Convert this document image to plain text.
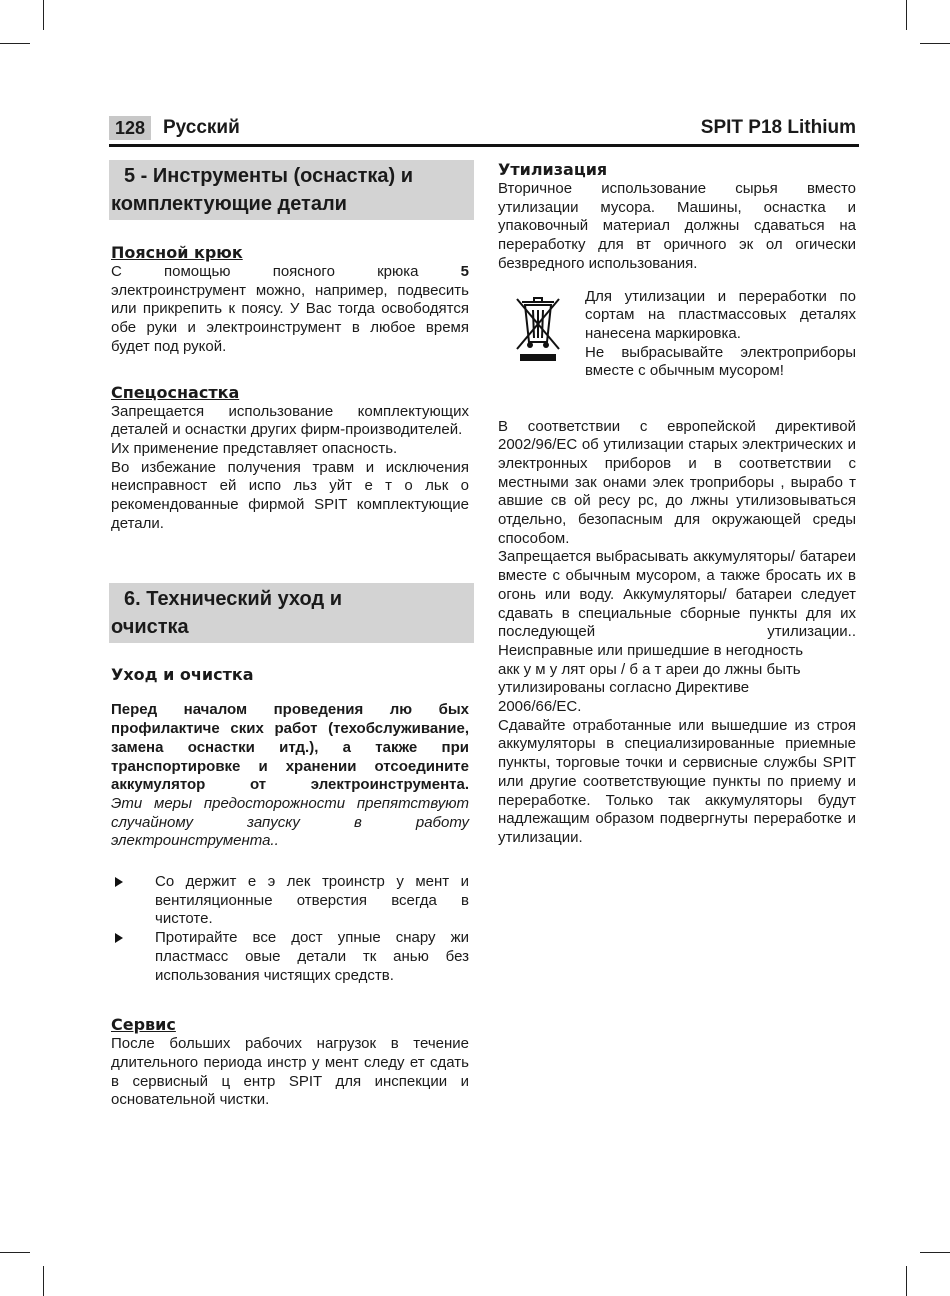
128 Русский	SPIT P18 Lithium
5 - Инструменты (оснастка) и
комплектующие детали
Поясной крюк

С помощью поясного крюка 5

электроинструмент можно, например, подвесить или прикрепить к поясу. У Вас тогда освободятся обе руки и электроинструмент в любое время будет под рукой.

Спецоснастка

Запрещается использование комплектующих деталей и оснастки других фирм-производителей.

Их применение представляет опасность.

Во избежание получения травм и исключения неисправност ей испо льз уйт е т о льк о рекомендованные фирмой SPIT комплектующие детали.

6. Технический уход и
очистка
Уход и очистка

Перед началом проведения лю бых профилактиче ских работ (техобслуживание, замена оснастки итд.), а также при транспортировке и хранении отсоедините аккумулятор от электроинструмента.

Эти меры предосторожности препятствуют случайному запуску в работу электроинструмента..

Со держит е э лек троинстр у мент и вентиляционные отверстия всегда в чистоте.
Протирайте все дост упные снару жи пластмасс овые детали тк анью без использования чистящих средств.
Сервис

После больших рабочих нагрузок в течение длительного периода инстр у мент следу ет сдать в сервисный ц ентр SPIT для инспекции и основательной чистки.

Утилизация

Вторичное использование сырья вместо утилизации мусора. Машины, оснастка и упаковочный материал должны сдаваться на переработку для вт оричного эк ол огически безвредного использования.

Для утилизации и переработки по сортам на пластмассовых деталях нанесена маркировка.

Не выбрасывайте электроприборы вместе с обычным мусором!

В соответствии с европейской директивой 2002/96/ЕС об утилизации старых электрических и электронных приборов и в соответствии с местными зак онами элек троприборы , вырабо т авшие св ой ресу рс, до лжны утилизовываться отдельно, безопасным для окружающей среды способом.

Запрещается выбрасывать аккумуляторы/ батареи вместе с обычным мусором, а также бросать их в огонь или воду. Аккумуляторы/ батареи следует сдавать в специальные сборные пункты для их последующей утилизации..

Неисправные или пришедшие в негодность
акк у м у лят оры / б а т ареи до лжны быть
утилизированы согласно Директиве
2006/66/ЕС.

Сдавайте отработанные или вышедшие из строя аккумуляторы в специализированные приемные пункты, торговые точки и сервисные службы SPIT или другие соответствующие пункты по приему и переработке. Только так аккумуляторы будут надлежащим образом подвергнуты переработке и утилизации.
